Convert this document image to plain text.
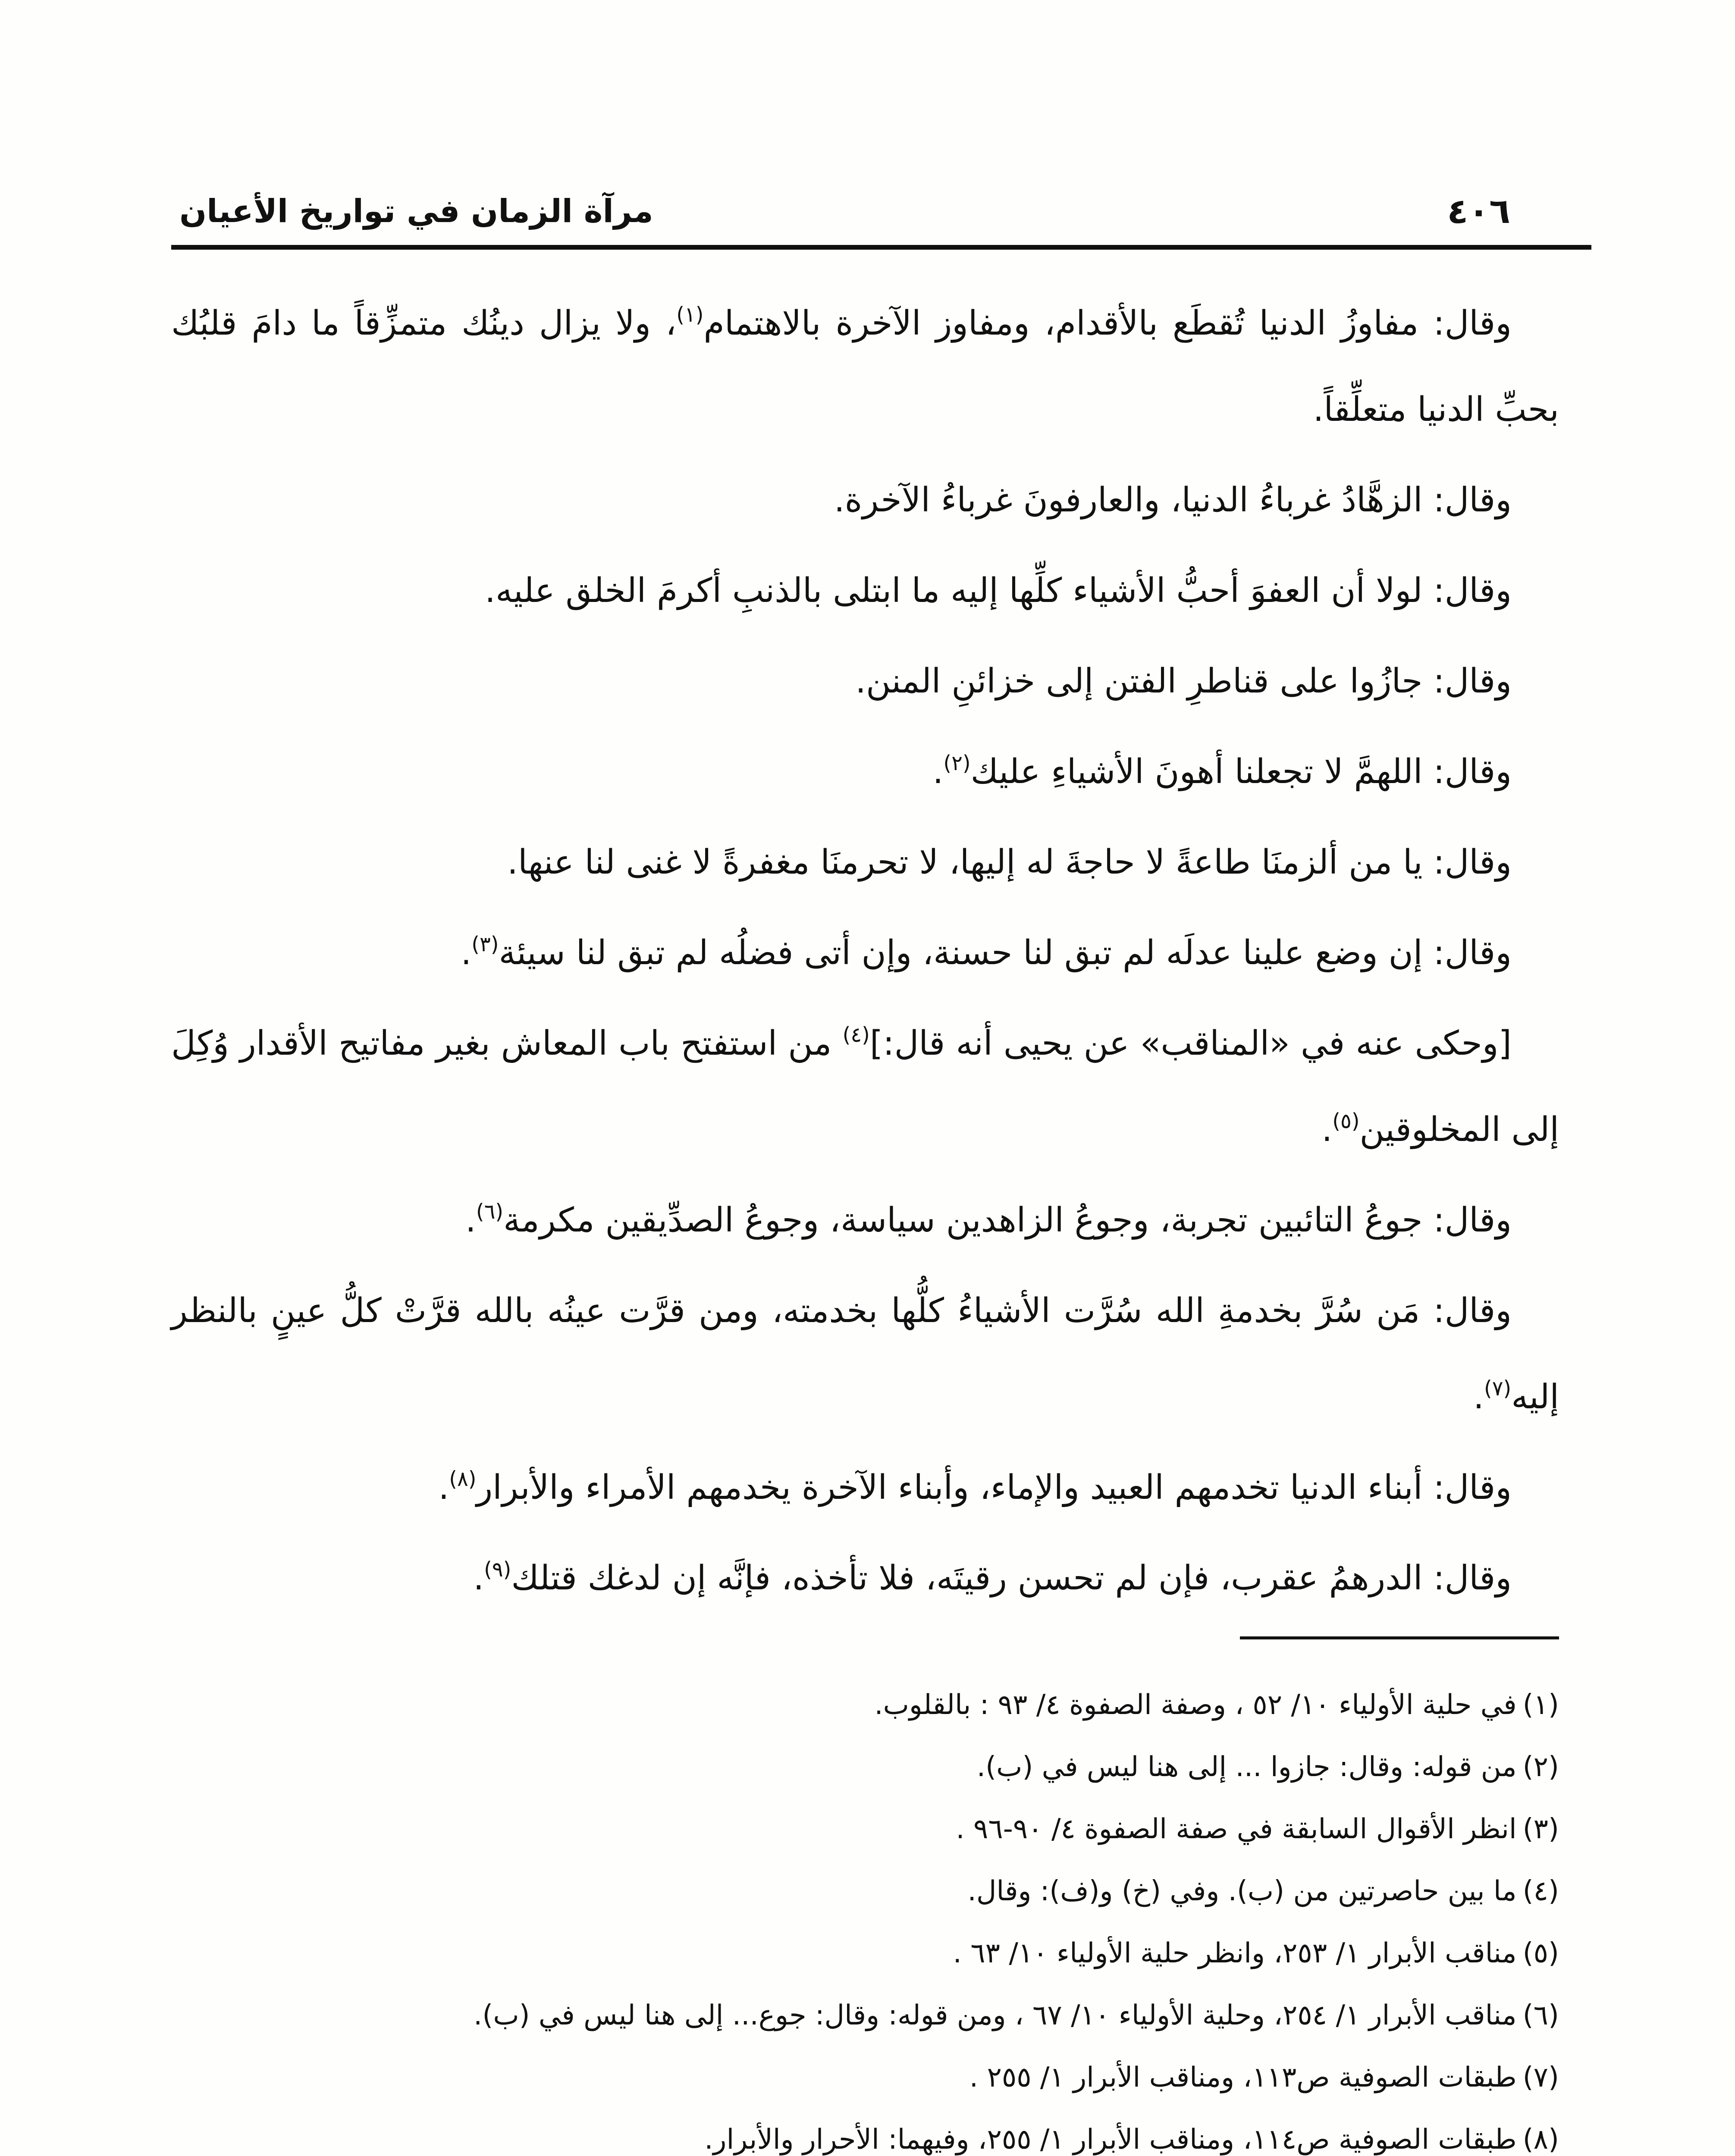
مرآة الزمان في تواريخ الأعيان	٤٠٦

وقال: مفاوزُ الدنيا تُقطَع بالأقدام، ومفاوز الآخرة بالاهتمام$^{(١)}$، ولا يزال دينُك متمزِّقاً ما دامَ قلبُك بحبِّ الدنيا متعلِّقاً.

وقال: الزهَّادُ غرباءُ الدنيا، والعارفونَ غرباءُ الآخرة.

وقال: لولا أن العفوَ أحبُّ الأشياء كلِّها إليه ما ابتلى بالذنبِ أكرمَ الخلق عليه.

وقال: جازُوا على قناطرِ الفتن إلى خزائنِ المنن.

وقال: اللهمَّ لا تجعلنا أهونَ الأشياءِ عليك$^{(٢)}$.

وقال: يا من ألزمنَا طاعةً لا حاجةَ له إليها، لا تحرمنَا مغفرةً لا غنى لنا عنها.

وقال: إن وضع علينا عدلَه لم تبق لنا حسنة، وإن أتى فضلُه لم تبق لنا سيئة$^{(٣)}$.

[وحكى عنه في «المناقب» عن يحيى أنه قال:]$^{(٤)}$ من استفتح باب المعاش بغير مفاتيح الأقدار وُكِلَ إلى المخلوقين$^{(٥)}$.

وقال: جوعُ التائبين تجربة، وجوعُ الزاهدين سياسة، وجوعُ الصدِّيقين مكرمة$^{(٦)}$.

وقال: مَن سُرَّ بخدمةِ الله سُرَّت الأشياءُ كلُّها بخدمته، ومن قرَّت عينُه بالله قرَّتْ كلُّ عينٍ بالنظر إليه$^{(٧)}$.

وقال: أبناء الدنيا تخدمهم العبيد والإماء، وأبناء الآخرة يخدمهم الأمراء والأبرار$^{(٨)}$.

وقال: الدرهمُ عقرب، فإن لم تحسن رقيتَه، فلا تأخذه، فإنَّه إن لدغك قتلك$^{(٩)}$.

(١)في حلية الأولياء ١٠/ ٥٢ ، وصفة الصفوة ٤/ ٩٣ : بالقلوب.

(٢)من قوله: وقال: جازوا ... إلى هنا ليس في (ب).

(٣)انظر الأقوال السابقة في صفة الصفوة ٤/ ٩٠-٩٦ .

(٤)ما بين حاصرتين من (ب). وفي (خ) و(ف): وقال.

(٥)مناقب الأبرار ١/ ٢٥٣، وانظر حلية الأولياء ١٠/ ٦٣ .

(٦)مناقب الأبرار ١/ ٢٥٤، وحلية الأولياء ١٠/ ٦٧ ، ومن قوله: وقال: جوع... إلى هنا ليس في (ب).

(٧)طبقات الصوفية ص١١٣، ومناقب الأبرار ١/ ٢٥٥ .

(٨)طبقات الصوفية ص١١٤، ومناقب الأبرار ١/ ٢٥٥، وفيهما: الأحرار والأبرار.
